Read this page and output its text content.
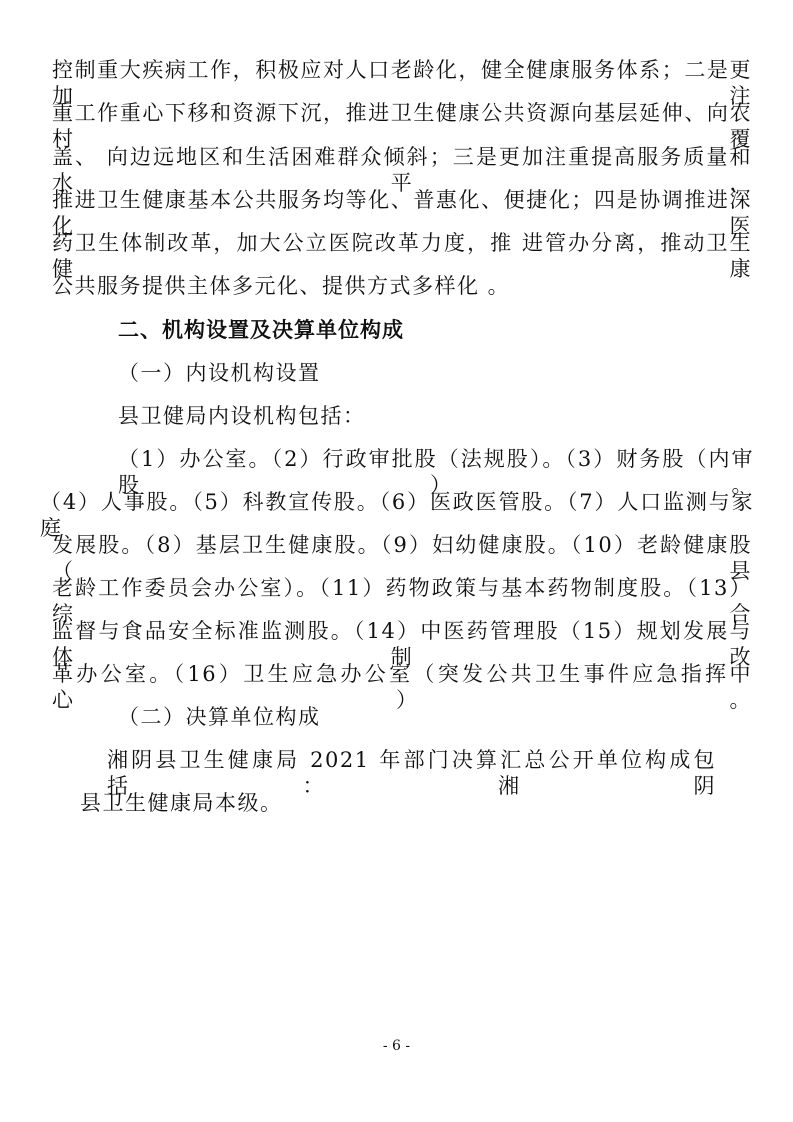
控制重大疾病工作，积极应对人口老龄化，健全健康服务体系；二是更加注
重工作重心下移和资源下沉，推进卫生健康公共资源向基层延伸、向农村覆
盖、 向边远地区和生活困难群众倾斜；三是更加注重提高服务质量和水平，
推进卫生健康基本公共服务均等化、普惠化、便捷化；四是协调推进深化医
药卫生体制改革，加大公立医院改革力度，推 进管办分离，推动卫生健康
公共服务提供主体多元化、提供方式多样化 。
二、机构设置及决算单位构成
（一）内设机构设置
县卫健局内设机构包括：
（1）办公室。（2）行政审批股（法规股）。（3）财务股（内审股）。
（4）人事股。（5）科教宣传股。（6）医政医管股。（7）人口监测与家庭
发展股。（8）基层卫生健康股。（9）妇幼健康股。（10）老龄健康股（县
老龄工作委员会办公室）。（11）药物政策与基本药物制度股。（13）综合
监督与食品安全标准监测股。（14）中医药管理股（15）规划发展与体制改
革办公室。（16）卫生应急办公室（突发公共卫生事件应急指挥中心）。
（二）决算单位构成
湘阴县卫生健康局 2021 年部门决算汇总公开单位构成包括：湘阴
县卫生健康局本级。
- 6 -
